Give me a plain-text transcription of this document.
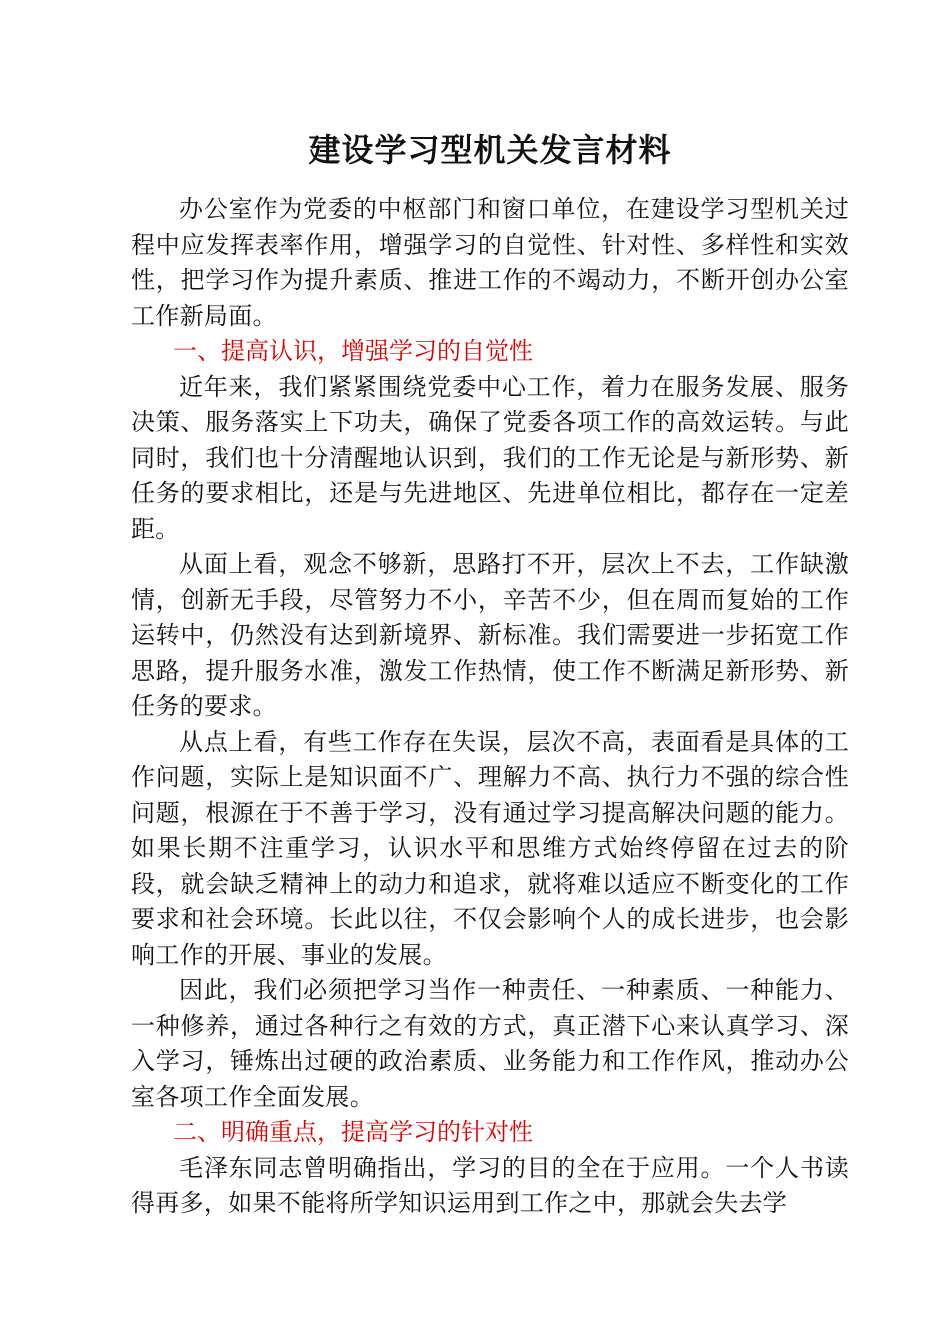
建设学习型机关发言材料

办公室作为党委的中枢部门和窗口单位，在建设学习型机关过程中应发挥表率作用，增强学习的自觉性、针对性、多样性和实效性，把学习作为提升素质、推进工作的不竭动力，不断开创办公室工作新局面。

一、提高认识，增强学习的自觉性

近年来，我们紧紧围绕党委中心工作，着力在服务发展、服务决策、服务落实上下功夫，确保了党委各项工作的高效运转。与此同时，我们也十分清醒地认识到，我们的工作无论是与新形势、新任务的要求相比，还是与先进地区、先进单位相比，都存在一定差距。

从面上看，观念不够新，思路打不开，层次上不去，工作缺激情，创新无手段，尽管努力不小，辛苦不少，但在周而复始的工作运转中，仍然没有达到新境界、新标准。我们需要进一步拓宽工作思路，提升服务水准，激发工作热情，使工作不断满足新形势、新任务的要求。

从点上看，有些工作存在失误，层次不高，表面看是具体的工作问题，实际上是知识面不广、理解力不高、执行力不强的综合性问题，根源在于不善于学习，没有通过学习提高解决问题的能力。如果长期不注重学习，认识水平和思维方式始终停留在过去的阶段，就会缺乏精神上的动力和追求，就将难以适应不断变化的工作要求和社会环境。长此以往，不仅会影响个人的成长进步，也会影响工作的开展、事业的发展。

因此，我们必须把学习当作一种责任、一种素质、一种能力、一种修养，通过各种行之有效的方式，真正潜下心来认真学习、深入学习，锤炼出过硬的政治素质、业务能力和工作作风，推动办公室各项工作全面发展。

二、明确重点，提高学习的针对性

毛泽东同志曾明确指出，学习的目的全在于应用。一个人书读得再多，如果不能将所学知识运用到工作之中，那就会失去学
